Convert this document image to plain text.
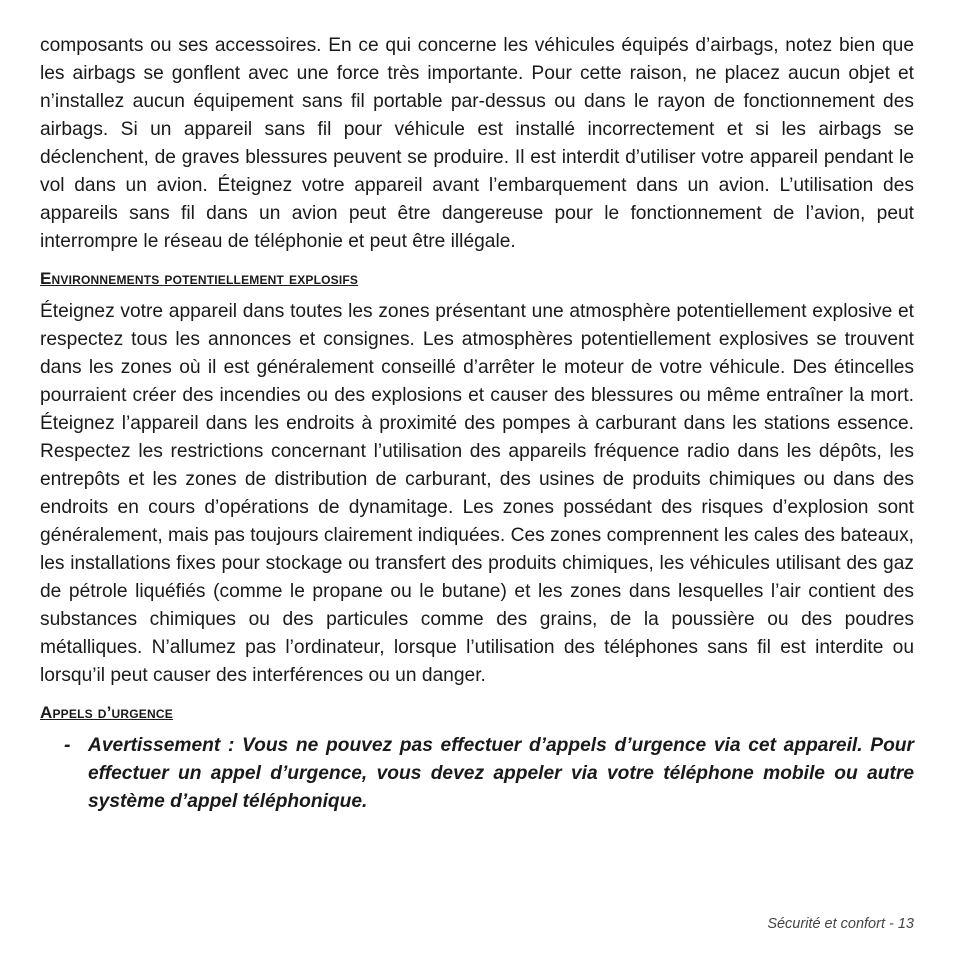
composants ou ses accessoires. En ce qui concerne les véhicules équipés d’airbags, notez bien que les airbags se gonflent avec une force très importante. Pour cette raison, ne placez aucun objet et n’installez aucun équipement sans fil portable par-dessus ou dans le rayon de fonctionnement des airbags. Si un appareil sans fil pour véhicule est installé incorrectement et si les airbags se déclenchent, de graves blessures peuvent se produire. Il est interdit d’utiliser votre appareil pendant le vol dans un avion. Éteignez votre appareil avant l’embarquement dans un avion. L’utilisation des appareils sans fil dans un avion peut être dangereuse pour le fonctionnement de l’avion, peut interrompre le réseau de téléphonie et peut être illégale.

Environnements potentiellement explosifs

Éteignez votre appareil dans toutes les zones présentant une atmosphère potentiellement explosive et respectez tous les annonces et consignes. Les atmosphères potentiellement explosives se trouvent dans les zones où il est généralement conseillé d’arrêter le moteur de votre véhicule. Des étincelles pourraient créer des incendies ou des explosions et causer des blessures ou même entraîner la mort. Éteignez l’appareil dans les endroits à proximité des pompes à carburant dans les stations essence. Respectez les restrictions concernant l’utilisation des appareils fréquence radio dans les dépôts, les entrepôts et les zones de distribution de carburant, des usines de produits chimiques ou dans des endroits en cours d’opérations de dynamitage. Les zones possédant des risques d’explosion sont généralement, mais pas toujours clairement indiquées. Ces zones comprennent les cales des bateaux, les installations fixes pour stockage ou transfert des produits chimiques, les véhicules utilisant des gaz de pétrole liquéfiés (comme le propane ou le butane) et les zones dans lesquelles l’air contient des substances chimiques ou des particules comme des grains, de la poussière ou des poudres métalliques. N’allumez pas l’ordinateur, lorsque l’utilisation des téléphones sans fil est interdite ou lorsqu’il peut causer des interférences ou un danger.

Appels d’urgence
- Avertissement : Vous ne pouvez pas effectuer d’appels d’urgence via cet appareil. Pour effectuer un appel d’urgence, vous devez appeler via votre téléphone mobile ou autre système d’appel téléphonique.

Sécurité et confort - 13
